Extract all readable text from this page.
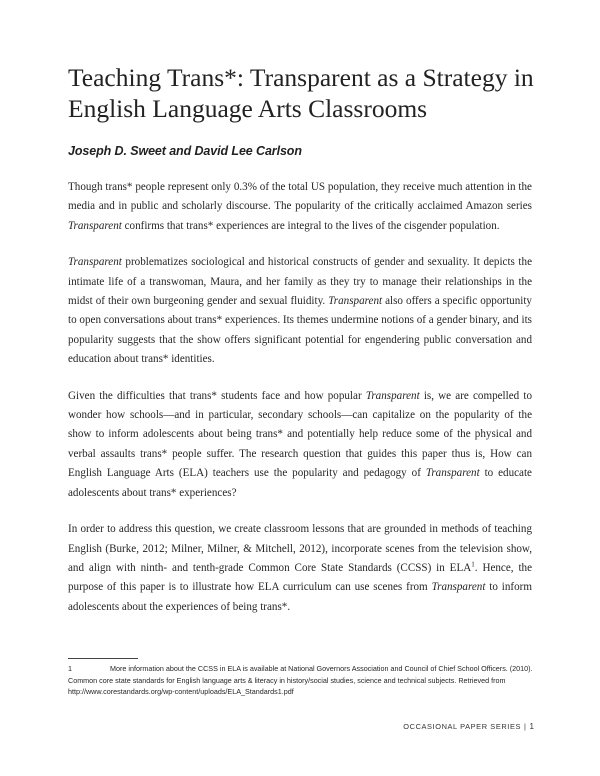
Teaching Trans*: Transparent as a Strategy in English Language Arts Classrooms

Joseph D. Sweet and David Lee Carlson

Though trans* people represent only 0.3% of the total US population, they receive much attention in the media and in public and scholarly discourse. The popularity of the critically acclaimed Amazon series Transparent confirms that trans* experiences are integral to the lives of the cisgender population.

Transparent problematizes sociological and historical constructs of gender and sexuality. It depicts the intimate life of a transwoman, Maura, and her family as they try to manage their relationships in the midst of their own burgeoning gender and sexual fluidity. Transparent also offers a specific opportunity to open conversations about trans* experiences. Its themes undermine notions of a gender binary, and its popularity suggests that the show offers significant potential for engendering public conversation and education about trans* identities.

Given the difficulties that trans* students face and how popular Transparent is, we are compelled to wonder how schools—and in particular, secondary schools—can capitalize on the popularity of the show to inform adolescents about being trans* and potentially help reduce some of the physical and verbal assaults trans* people suffer. The research question that guides this paper thus is, How can English Language Arts (ELA) teachers use the popularity and pedagogy of Transparent to educate adolescents about trans* experiences?

In order to address this question, we create classroom lessons that are grounded in methods of teaching English (Burke, 2012; Milner, Milner, & Mitchell, 2012), incorporate scenes from the television show, and align with ninth- and tenth-grade Common Core State Standards (CCSS) in ELA$^1$. Hence, the purpose of this paper is to illustrate how ELA curriculum can use scenes from Transparent to inform adolescents about the experiences of being trans*.

1	More information about the CCSS in ELA is available at National Governors Association and Council of Chief School Officers. (2010). Common core state standards for English language arts & literacy in history/social studies, science and technical subjects. Retrieved from http://www.corestandards.org/wp-content/uploads/ELA_Standards1.pdf

OCCASIONAL PAPER SERIES | 1
